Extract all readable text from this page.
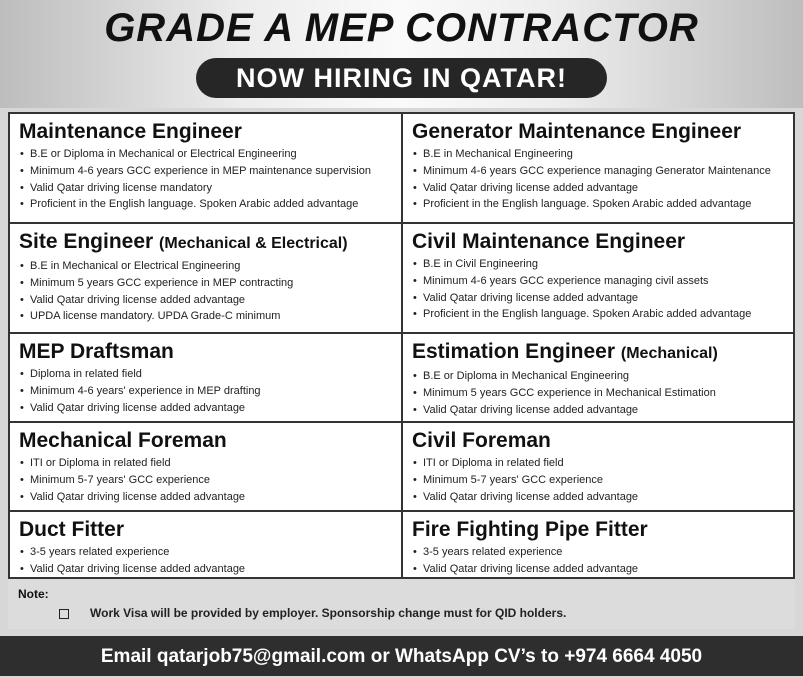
GRADE A MEP CONTRACTOR
NOW HIRING IN QATAR!
Maintenance Engineer
• B.E or Diploma in Mechanical or Electrical Engineering
• Minimum 4-6 years GCC experience in MEP maintenance supervision
• Valid Qatar driving license mandatory
• Proficient in the English language. Spoken Arabic added advantage
Generator Maintenance Engineer
• B.E in Mechanical Engineering
• Minimum 4-6 years GCC experience managing Generator Maintenance
• Valid Qatar driving license added advantage
• Proficient in the English language. Spoken Arabic added advantage
Site Engineer (Mechanical & Electrical)
• B.E in Mechanical or Electrical Engineering
• Minimum 5 years GCC experience in MEP contracting
• Valid Qatar driving license added advantage
• UPDA license mandatory. UPDA Grade-C minimum
Civil Maintenance Engineer
• B.E in Civil Engineering
• Minimum 4-6 years GCC experience managing civil assets
• Valid Qatar driving license added advantage
• Proficient in the English language. Spoken Arabic added advantage
MEP Draftsman
• Diploma in related field
• Minimum 4-6 years' experience in MEP drafting
• Valid Qatar driving license added advantage
Estimation Engineer (Mechanical)
• B.E or Diploma in Mechanical Engineering
• Minimum 5 years GCC experience in Mechanical Estimation
• Valid Qatar driving license added advantage
Mechanical Foreman
• ITI or Diploma in related field
• Minimum 5-7 years' GCC experience
• Valid Qatar driving license added advantage
Civil Foreman
• ITI or Diploma in related field
• Minimum 5-7 years' GCC experience
• Valid Qatar driving license added advantage
Duct Fitter
• 3-5 years related experience
• Valid Qatar driving license added advantage
Fire Fighting Pipe Fitter
• 3-5 years related experience
• Valid Qatar driving license added advantage
Note:
Work Visa will be provided by employer. Sponsorship change must for QID holders.
Email qatarjob75@gmail.com or WhatsApp CV’s to +974 6664 4050
